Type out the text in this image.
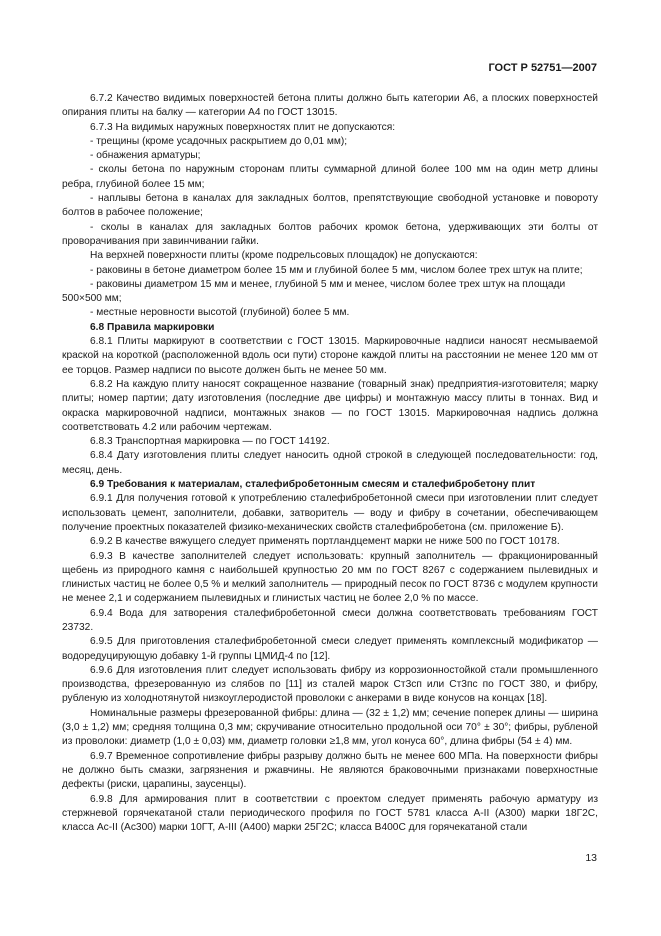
ГОСТ Р 52751—2007

6.7.2 Качество видимых поверхностей бетона плиты должно быть категории А6, а плоских поверхностей опирания плиты на балку — категории А4 по ГОСТ 13015.

6.7.3 На видимых наружных поверхностях плит не допускаются:

- трещины (кроме усадочных раскрытием до 0,01 мм);

- обнажения арматуры;

- сколы бетона по наружным сторонам плиты суммарной длиной более 100 мм на один метр длины ребра, глубиной более 15 мм;

- наплывы бетона в каналах для закладных болтов, препятствующие свободной установке и повороту болтов в рабочее положение;

- сколы в каналах для закладных болтов рабочих кромок бетона, удерживающих эти болты от проворачивания при завинчивании гайки.

На верхней поверхности плиты (кроме подрельсовых площадок) не допускаются:

- раковины в бетоне диаметром более 15 мм и глубиной более 5 мм, числом более трех штук на плите;

- раковины диаметром 15 мм и менее, глубиной 5 мм и менее, числом более трех штук на площади

500×500 мм;

- местные неровности высотой (глубиной) более 5 мм.

6.8 Правила маркировки

6.8.1 Плиты маркируют в соответствии с ГОСТ 13015. Маркировочные надписи наносят несмываемой краской на короткой (расположенной вдоль оси пути) стороне каждой плиты на расстоянии не менее 120 мм от ее торцов. Размер надписи по высоте должен быть не менее 50 мм.

6.8.2 На каждую плиту наносят сокращенное название (товарный знак) предприятия-изготовителя; марку плиты; номер партии; дату изготовления (последние две цифры) и монтажную массу плиты в тоннах. Вид и окраска маркировочной надписи, монтажных знаков — по ГОСТ 13015. Маркировочная надпись должна соответствовать 4.2 или рабочим чертежам.

6.8.3 Транспортная маркировка — по ГОСТ 14192.

6.8.4 Дату изготовления плиты следует наносить одной строкой в следующей последовательности: год, месяц, день.

6.9 Требования к материалам, сталефибробетонным смесям и сталефибробетону плит

6.9.1 Для получения готовой к употреблению сталефибробетонной смеси при изготовлении плит следует использовать цемент, заполнители, добавки, затворитель — воду и фибру в сочетании, обеспечивающем получение проектных показателей физико-механических свойств сталефибробетона (см. приложение Б).

6.9.2 В качестве вяжущего следует применять портландцемент марки не ниже 500 по ГОСТ 10178.

6.9.3 В качестве заполнителей следует использовать: крупный заполнитель — фракционированный щебень из природного камня с наибольшей крупностью 20 мм по ГОСТ 8267 с содержанием пылевидных и глинистых частиц не более 0,5 % и мелкий заполнитель — природный песок по ГОСТ 8736 с модулем крупности не менее 2,1 и содержанием пылевидных и глинистых частиц не более 2,0 % по массе.

6.9.4 Вода для затворения сталефибробетонной смеси должна соответствовать требованиям ГОСТ 23732.

6.9.5 Для приготовления сталефибробетонной смеси следует применять комплексный модификатор — водоредуцирующую добавку 1-й группы ЦМИД-4 по [12].

6.9.6 Для изготовления плит следует использовать фибру из коррозионностойкой стали промышленного производства, фрезерованную из слябов по [11] из сталей марок Ст3сп или Ст3пс по ГОСТ 380, и фибру, рубленую из холоднотянутой низкоуглеродистой проволоки с анкерами в виде конусов на концах [18].

Номинальные размеры фрезерованной фибры: длина — (32 ± 1,2) мм; сечение поперек длины — ширина (3,0 ± 1,2) мм; средняя толщина 0,3 мм; скручивание относительно продольной оси 70° ± 30°; фибры, рубленой из проволоки: диаметр (1,0 ± 0,03) мм, диаметр головки ≥1,8 мм, угол конуса 60°, длина фибры (54 ± 4) мм.

6.9.7 Временное сопротивление фибры разрыву должно быть не менее 600 МПа. На поверхности фибры не должно быть смазки, загрязнения и ржавчины. Не являются браковочными признаками поверхностные дефекты (риски, царапины, заусенцы).

6.9.8 Для армирования плит в соответствии с проектом следует применять рабочую арматуру из стержневой горячекатаной стали периодического профиля по ГОСТ 5781 класса А-II (А300) марки 18Г2С, класса Ас-II (Ас300) марки 10ГТ, А-III (А400) марки 25Г2С; класса В400С для горячекатаной стали

13
